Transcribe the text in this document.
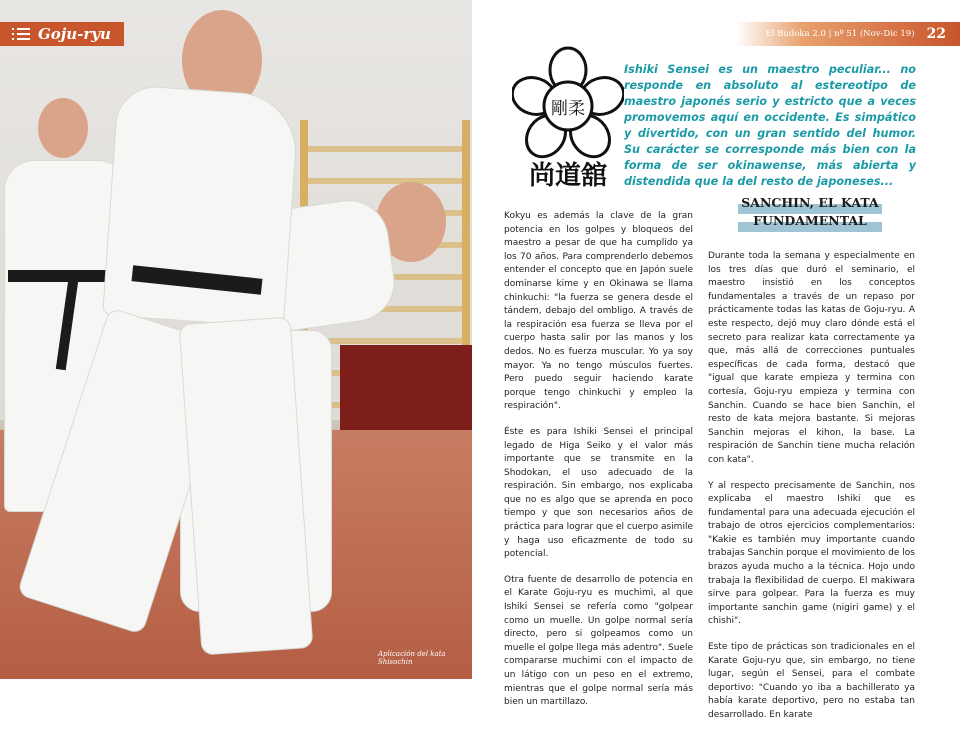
Goju-ryu
Aplicación del kata Shisochin
El Budoka 2.0 | nº 51 (Nov-Dic 19) 22
剛柔
尚道舘
Ishiki Sensei es un maestro peculiar... no responde en absoluto al estereotipo de maestro japonés serio y estricto que a veces promovemos aquí en occidente. Es simpático y divertido, con un gran sentido del humor. Su carácter se corresponde más bien con la forma de ser okinawense, más abierta y distendida que la del resto de japoneses...
SANCHIN, EL KATA
FUNDAMENTAL

Kokyu es además la clave de la gran potencia en los golpes y bloqueos del maestro a pesar de que ha cumplido ya los 70 años. Para comprenderlo debemos entender el concepto que en Japón suele dominarse kime y en Okinawa se llama chinkuchi: "la fuerza se genera desde el tándem, debajo del ombligo. A través de la respiración esa fuerza se lleva por el cuerpo hasta salir por las manos y los dedos. No es fuerza muscular. Yo ya soy mayor. Ya no tengo músculos fuertes. Pero puedo seguir haciendo karate porque tengo chinkuchi y empleo la respiración".

Éste es para Ishiki Sensei el principal legado de Higa Seiko y el valor más importante que se transmite en la Shodokan, el uso adecuado de la respiración. Sin embargo, nos explicaba que no es algo que se aprenda en poco tiempo y que son necesarios años de práctica para lograr que el cuerpo asimile y haga uso eficazmente de todo su potencial.

Otra fuente de desarrollo de potencia en el Karate Goju-ryu es muchimi, al que Ishiki Sensei se refería como "golpear como un muelle. Un golpe normal sería directo, pero si golpeamos como un muelle el golpe llega más adentro". Suele compararse muchimi con el impacto de un látigo con un peso en el extremo, mientras que el golpe normal sería más bien un martillazo.

Durante toda la semana y especialmente en los tres días que duró el seminario, el maestro insistió en los conceptos fundamentales a través de un repaso por prácticamente todas las katas de Goju-ryu. A este respecto, dejó muy claro dónde está el secreto para realizar kata correctamente ya que, más allá de correcciones puntuales específicas de cada forma, destacó que "igual que karate empieza y termina con cortesía, Goju-ryu empieza y termina con Sanchin. Cuando se hace bien Sanchin, el resto de kata mejora bastante. Si mejoras Sanchin mejoras el kihon, la base. La respiración de Sanchin tiene mucha relación con kata".

Y al respecto precisamente de Sanchin, nos explicaba el maestro Ishiki que es fundamental para una adecuada ejecución el trabajo de otros ejercicios complementarios: "Kakie es también muy importante cuando trabajas Sanchin porque el movimiento de los brazos ayuda mucho a la técnica. Hojo undo trabaja la flexibilidad de cuerpo. El makiwara sirve para golpear. Para la fuerza es muy importante sanchin game (nigiri game) y el chishi".

Este tipo de prácticas son tradicionales en el Karate Goju-ryu que, sin embargo, no tiene lugar, según el Sensei, para el combate deportivo: "Cuando yo iba a bachillerato ya había karate deportivo, pero no estaba tan desarrollado. En karate
